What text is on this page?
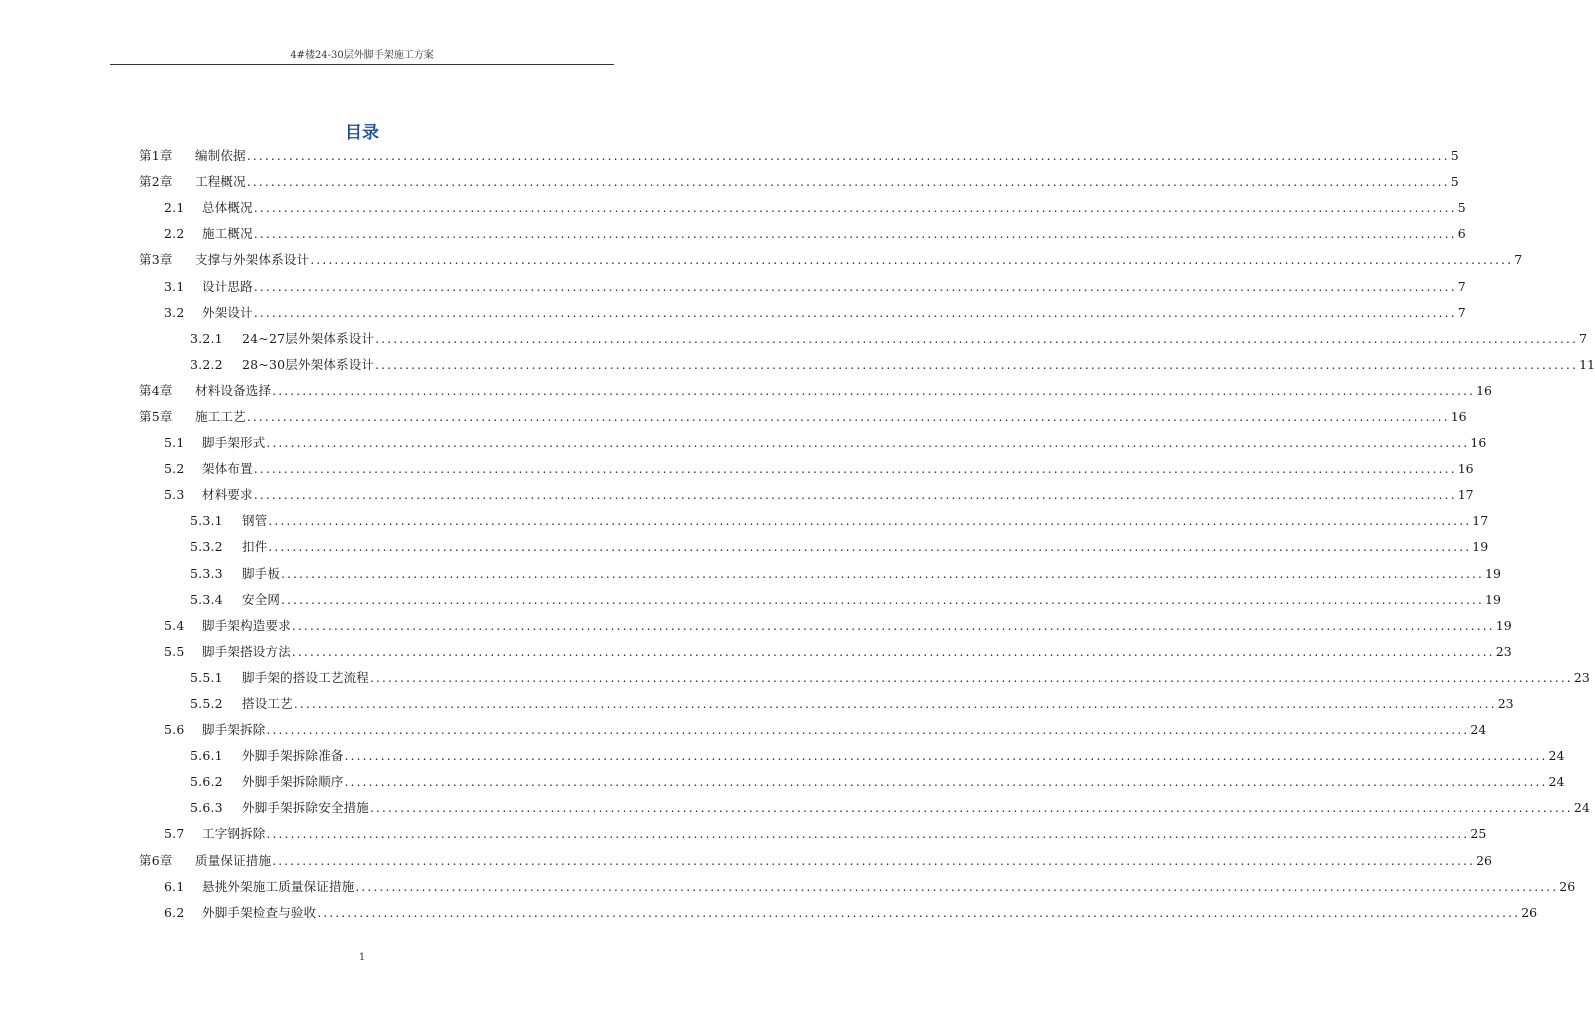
4#楼24-30层外脚手架施工方案
目录
第1章 编制依据 ........................................................................................................................................................................................................ 5
第2章 工程概况 ........................................................................................................................................................................................................ 5
2.1 总体概况 ........................................................................................................................................................................................................ 5
2.2 施工概况 ........................................................................................................................................................................................................ 6
第3章 支撑与外架体系设计 ........................................................................................................................................................................................................ 7
3.1 设计思路 ........................................................................................................................................................................................................ 7
3.2 外架设计 ........................................................................................................................................................................................................ 7
3.2.1 24~27层外架体系设计 ........................................................................................................................................................................................................ 7
3.2.2 28~30层外架体系设计 ........................................................................................................................................................................................................ 11
第4章 材料设备选择 ........................................................................................................................................................................................................ 16
第5章 施工工艺 ........................................................................................................................................................................................................ 16
5.1 脚手架形式 ........................................................................................................................................................................................................ 16
5.2 架体布置 ........................................................................................................................................................................................................ 16
5.3 材料要求 ........................................................................................................................................................................................................ 17
5.3.1 钢管 ........................................................................................................................................................................................................ 17
5.3.2 扣件 ........................................................................................................................................................................................................ 19
5.3.3 脚手板 ........................................................................................................................................................................................................ 19
5.3.4 安全网 ........................................................................................................................................................................................................ 19
5.4 脚手架构造要求 ........................................................................................................................................................................................................ 19
5.5 脚手架搭设方法 ........................................................................................................................................................................................................ 23
5.5.1 脚手架的搭设工艺流程 ........................................................................................................................................................................................................ 23
5.5.2 搭设工艺 ........................................................................................................................................................................................................ 23
5.6 脚手架拆除 ........................................................................................................................................................................................................ 24
5.6.1 外脚手架拆除准备 ........................................................................................................................................................................................................ 24
5.6.2 外脚手架拆除顺序 ........................................................................................................................................................................................................ 24
5.6.3 外脚手架拆除安全措施 ........................................................................................................................................................................................................ 24
5.7 工字钢拆除 ........................................................................................................................................................................................................ 25
第6章 质量保证措施 ........................................................................................................................................................................................................ 26
6.1 悬挑外架施工质量保证措施 ........................................................................................................................................................................................................ 26
6.2 外脚手架检查与验收 ........................................................................................................................................................................................................ 26
1
